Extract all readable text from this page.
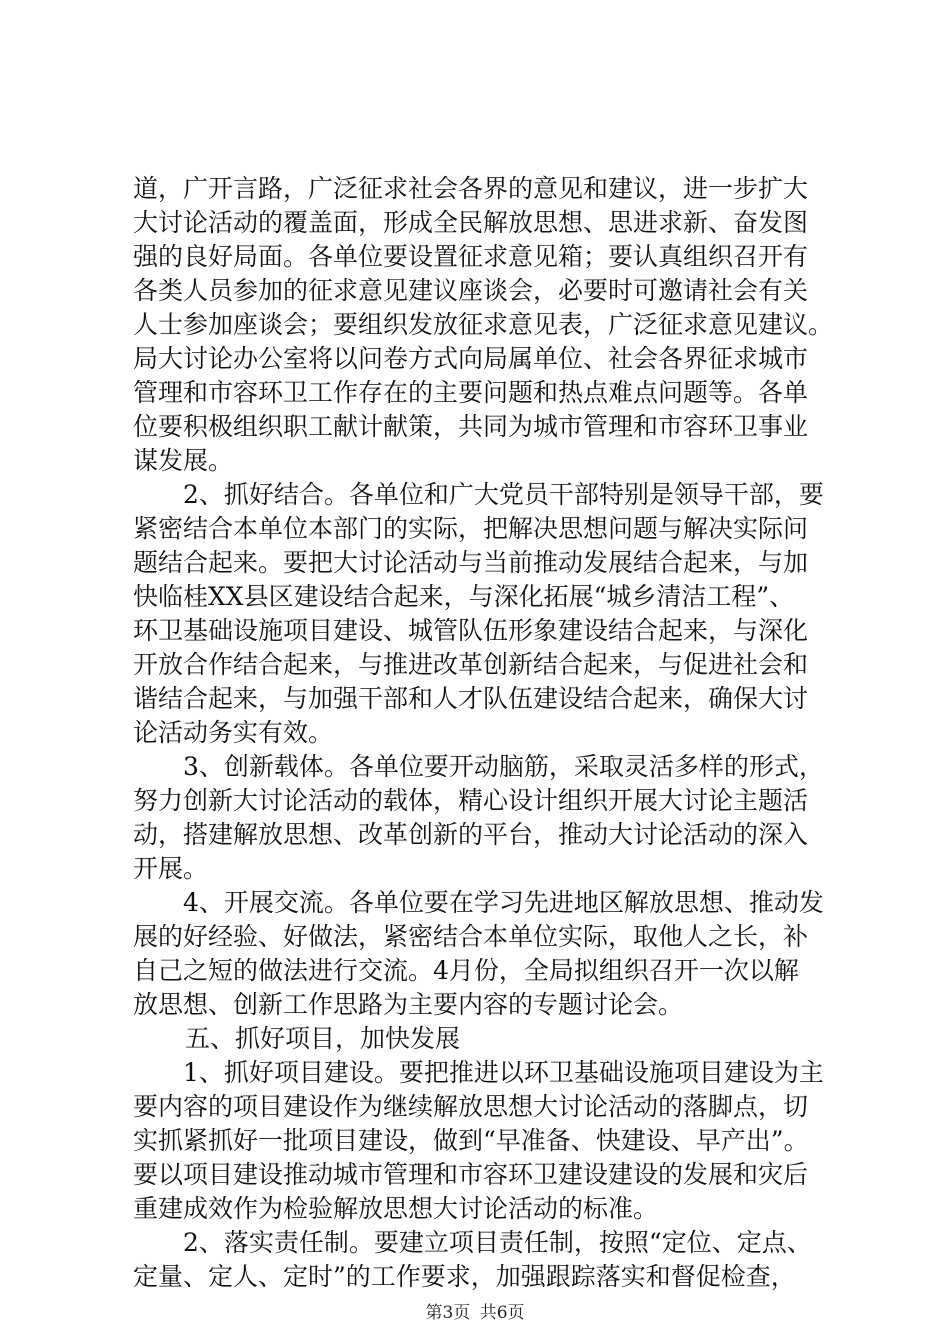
道，广开言路，广泛征求社会各界的意见和建议，进一步扩大
大讨论活动的覆盖面，形成全民解放思想、思进求新、奋发图
强的良好局面。各单位要设置征求意见箱；要认真组织召开有
各类人员参加的征求意见建议座谈会，必要时可邀请社会有关
人士参加座谈会；要组织发放征求意见表，广泛征求意见建议。
局大讨论办公室将以问卷方式向局属单位、社会各界征求城市
管理和市容环卫工作存在的主要问题和热点难点问题等。各单
位要积极组织职工献计献策，共同为城市管理和市容环卫事业
谋发展。
2、抓好结合。各单位和广大党员干部特别是领导干部，要
紧密结合本单位本部门的实际，把解决思想问题与解决实际问
题结合起来。要把大讨论活动与当前推动发展结合起来，与加
快临桂XX县区建设结合起来，与深化拓展“城乡清洁工程”、
环卫基础设施项目建设、城管队伍形象建设结合起来，与深化
开放合作结合起来，与推进改革创新结合起来，与促进社会和
谐结合起来，与加强干部和人才队伍建设结合起来，确保大讨
论活动务实有效。
3、创新载体。各单位要开动脑筋，采取灵活多样的形式，
努力创新大讨论活动的载体，精心设计组织开展大讨论主题活
动，搭建解放思想、改革创新的平台，推动大讨论活动的深入
开展。
4、开展交流。各单位要在学习先进地区解放思想、推动发
展的好经验、好做法，紧密结合本单位实际，取他人之长，补
自己之短的做法进行交流。4月份，全局拟组织召开一次以解
放思想、创新工作思路为主要内容的专题讨论会。
五、抓好项目，加快发展
1、抓好项目建设。要把推进以环卫基础设施项目建设为主
要内容的项目建设作为继续解放思想大讨论活动的落脚点，切
实抓紧抓好一批项目建设，做到“早准备、快建设、早产出”。
要以项目建设推动城市管理和市容环卫建设建设的发展和灾后
重建成效作为检验解放思想大讨论活动的标准。
2、落实责任制。要建立项目责任制，按照“定位、定点、
定量、定人、定时”的工作要求，加强跟踪落实和督促检查，
第3页 共6页
